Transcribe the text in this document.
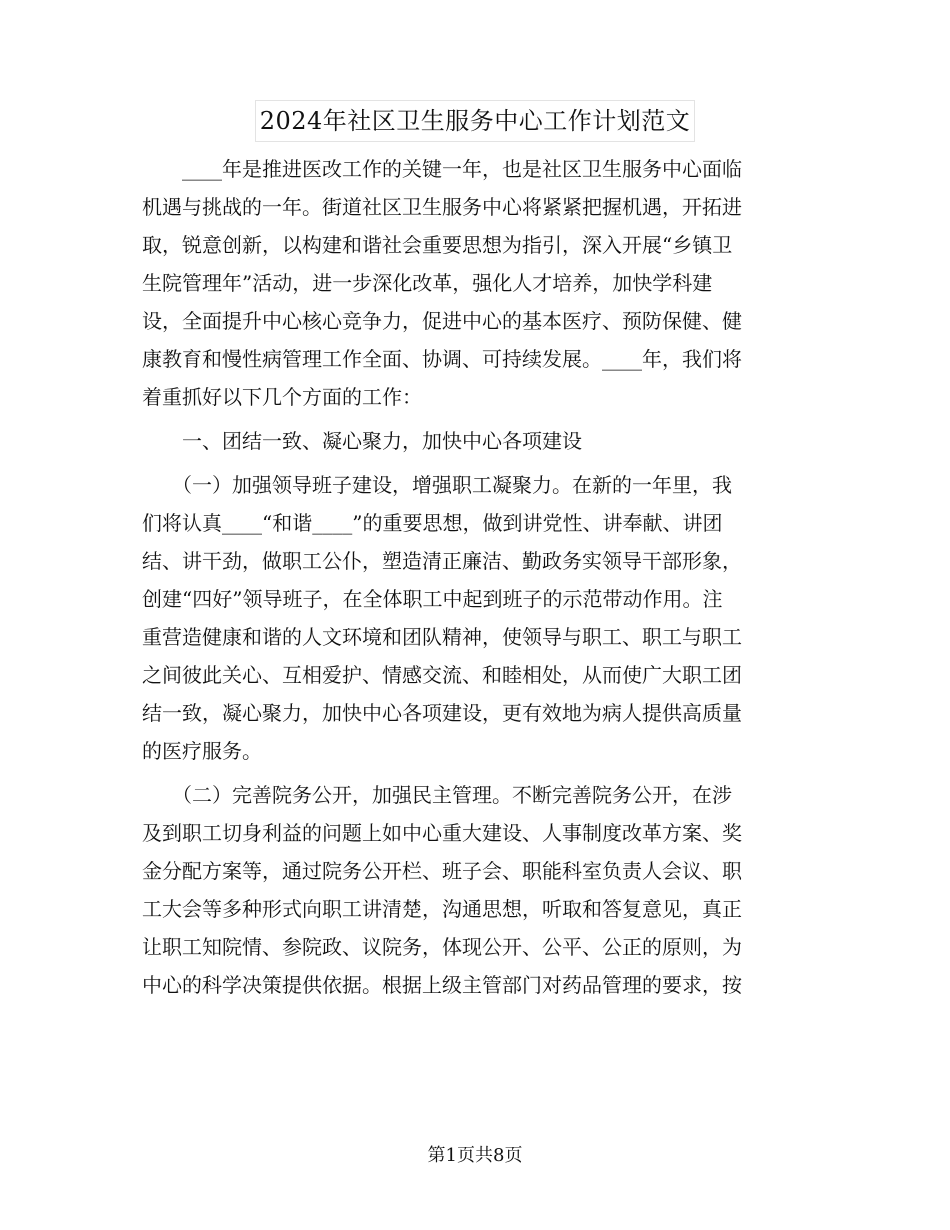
2024年社区卫生服务中心工作计划范文
　　____年是推进医改工作的关键一年，也是社区卫生服务中心面临
机遇与挑战的一年。街道社区卫生服务中心将紧紧把握机遇，开拓进
取，锐意创新，以构建和谐社会重要思想为指引，深入开展“乡镇卫
生院管理年”活动，进一步深化改革，强化人才培养，加快学科建
设，全面提升中心核心竞争力，促进中心的基本医疗、预防保健、健
康教育和慢性病管理工作全面、协调、可持续发展。____年，我们将
着重抓好以下几个方面的工作：
　　一、团结一致、凝心聚力，加快中心各项建设
　　（一）加强领导班子建设，增强职工凝聚力。在新的一年里，我
们将认真____“和谐____”的重要思想，做到讲党性、讲奉献、讲团
结、讲干劲，做职工公仆，塑造清正廉洁、勤政务实领导干部形象，
创建“四好”领导班子，在全体职工中起到班子的示范带动作用。注
重营造健康和谐的人文环境和团队精神，使领导与职工、职工与职工
之间彼此关心、互相爱护、情感交流、和睦相处，从而使广大职工团
结一致，凝心聚力，加快中心各项建设，更有效地为病人提供高质量
的医疗服务。
　　（二）完善院务公开，加强民主管理。不断完善院务公开，在涉
及到职工切身利益的问题上如中心重大建设、人事制度改革方案、奖
金分配方案等，通过院务公开栏、班子会、职能科室负责人会议、职
工大会等多种形式向职工讲清楚，沟通思想，听取和答复意见，真正
让职工知院情、参院政、议院务，体现公开、公平、公正的原则，为
中心的科学决策提供依据。根据上级主管部门对药品管理的要求，按
第1页共8页
